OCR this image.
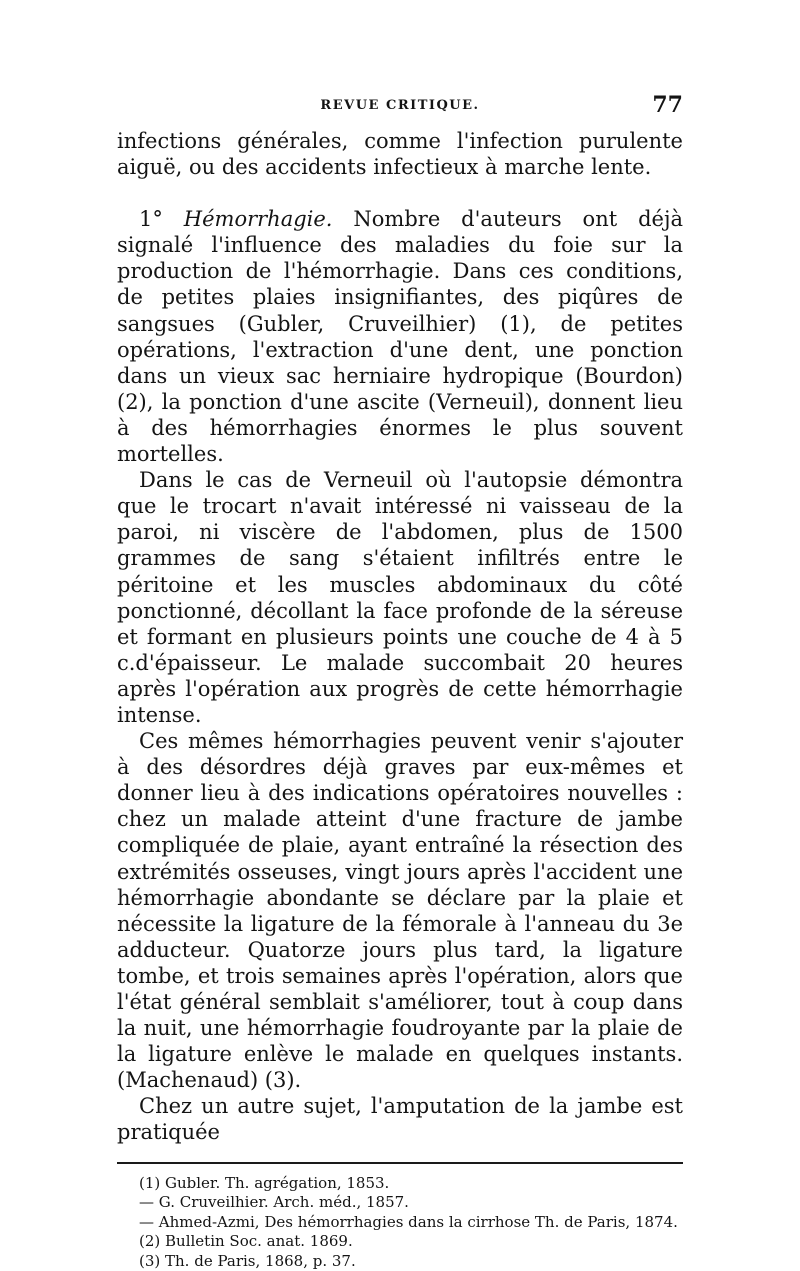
REVUE CRITIQUE.	77

infections générales, comme l'infection purulente aiguë, ou des accidents infectieux à marche lente.

1° Hémorrhagie. Nombre d'auteurs ont déjà signalé l'influence des maladies du foie sur la production de l'hémorrhagie. Dans ces conditions, de petites plaies insignifiantes, des piqûres de sangsues (Gubler, Cruveilhier) (1), de petites opérations, l'extraction d'une dent, une ponction dans un vieux sac herniaire hydropique (Bourdon) (2), la ponction d'une ascite (Verneuil), donnent lieu à des hémorrhagies énormes le plus souvent mortelles.

Dans le cas de Verneuil où l'autopsie démontra que le trocart n'avait intéressé ni vaisseau de la paroi, ni viscère de l'abdomen, plus de 1500 grammes de sang s'étaient infiltrés entre le péritoine et les muscles abdominaux du côté ponctionné, décollant la face profonde de la séreuse et formant en plusieurs points une couche de 4 à 5 c.d'épaisseur. Le malade succombait 20 heures après l'opération aux progrès de cette hémorrhagie intense.

Ces mêmes hémorrhagies peuvent venir s'ajouter à des désordres déjà graves par eux-mêmes et donner lieu à des indications opératoires nouvelles : chez un malade atteint d'une fracture de jambe compliquée de plaie, ayant entraîné la résection des extrémités osseuses, vingt jours après l'accident une hémorrhagie abondante se déclare par la plaie et nécessite la ligature de la fémorale à l'anneau du 3e adducteur. Quatorze jours plus tard, la ligature tombe, et trois semaines après l'opération, alors que l'état général semblait s'améliorer, tout à coup dans la nuit, une hémorrhagie foudroyante par la plaie de la ligature enlève le malade en quelques instants. (Machenaud) (3).

Chez un autre sujet, l'amputation de la jambe est pratiquée

(1) Gubler. Th. agrégation, 1853.

— G. Cruveilhier. Arch. méd., 1857.

— Ahmed-Azmi, Des hémorrhagies dans la cirrhose Th. de Paris, 1874.

(2) Bulletin Soc. anat. 1869.

(3) Th. de Paris, 1868, p. 37.
